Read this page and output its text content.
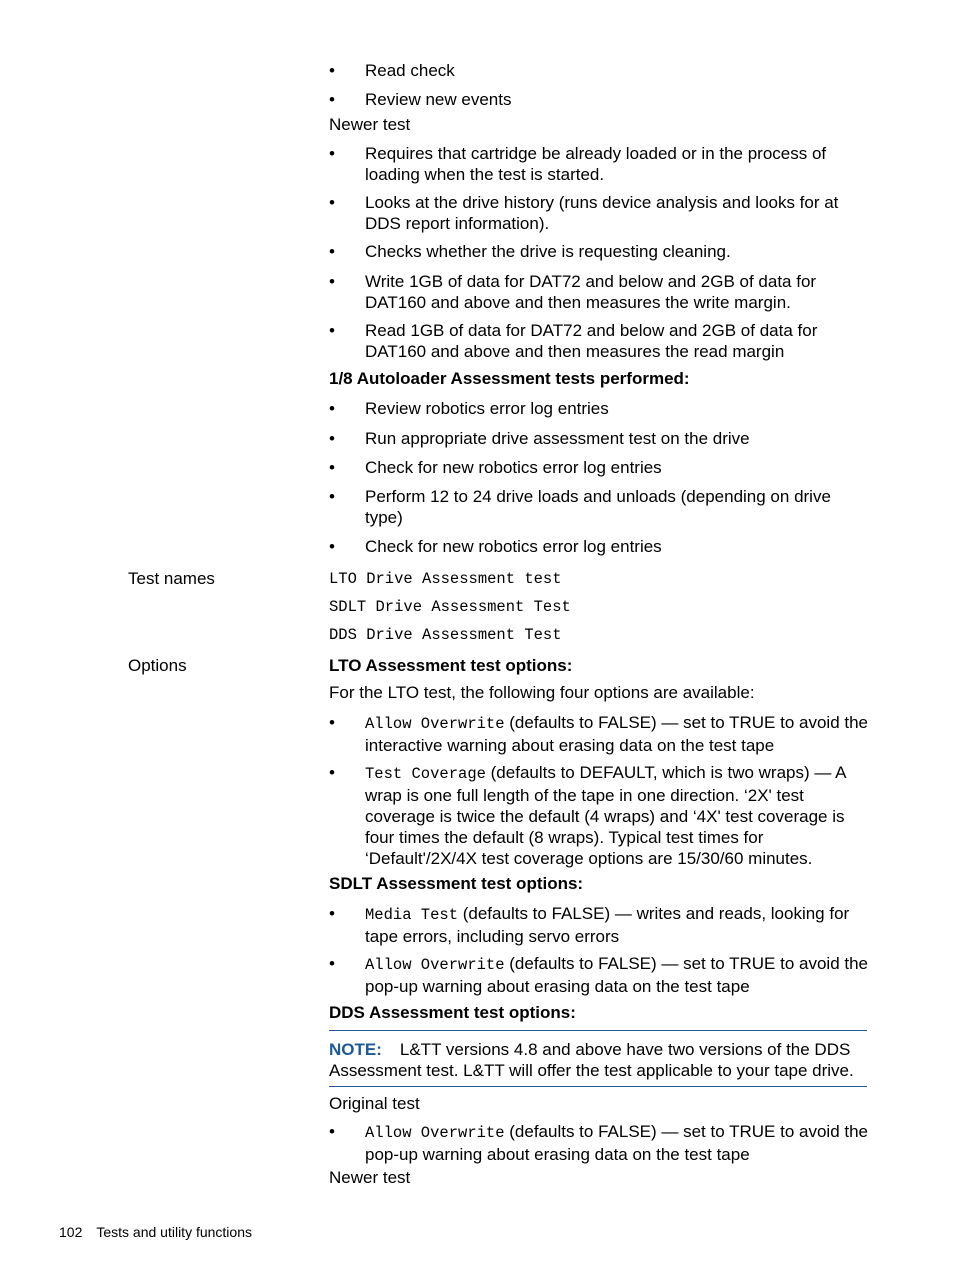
•	Read check
•	Review new events
Newer test
•	Requires that cartridge be already loaded or in the process of loading when the test is started.
•	Looks at the drive history (runs device analysis and looks for at DDS report information).
•	Checks whether the drive is requesting cleaning.
•	Write 1GB of data for DAT72 and below and 2GB of data for DAT160 and above and then measures the write margin.
•	Read 1GB of data for DAT72 and below and 2GB of data for DAT160 and above and then measures the read margin
1/8 Autoloader Assessment tests performed:
•	Review robotics error log entries
•	Run appropriate drive assessment test on the drive
•	Check for new robotics error log entries
•	Perform 12 to 24 drive loads and unloads (depending on drive type)
•	Check for new robotics error log entries
Test names	LTO Drive Assessment test
SDLT Drive Assessment Test
DDS Drive Assessment Test
Options	LTO Assessment test options:
For the LTO test, the following four options are available:
•	Allow Overwrite (defaults to FALSE) — set to TRUE to avoid the interactive warning about erasing data on the test tape
•	Test Coverage (defaults to DEFAULT, which is two wraps) — A wrap is one full length of the tape in one direction. ‘2X' test coverage is twice the default (4 wraps) and ‘4X' test coverage is four times the default (8 wraps). Typical test times for ‘Default'/2X/4X test coverage options are 15/30/60 minutes.
SDLT Assessment test options:
•	Media Test (defaults to FALSE) — writes and reads, looking for tape errors, including servo errors
•	Allow Overwrite (defaults to FALSE) — set to TRUE to avoid the pop-up warning about erasing data on the test tape
DDS Assessment test options:
NOTE: L&TT versions 4.8 and above have two versions of the DDS Assessment test. L&TT will offer the test applicable to your tape drive.
Original test
•	Allow Overwrite (defaults to FALSE) — set to TRUE to avoid the pop-up warning about erasing data on the test tape
Newer test
102 Tests and utility functions
